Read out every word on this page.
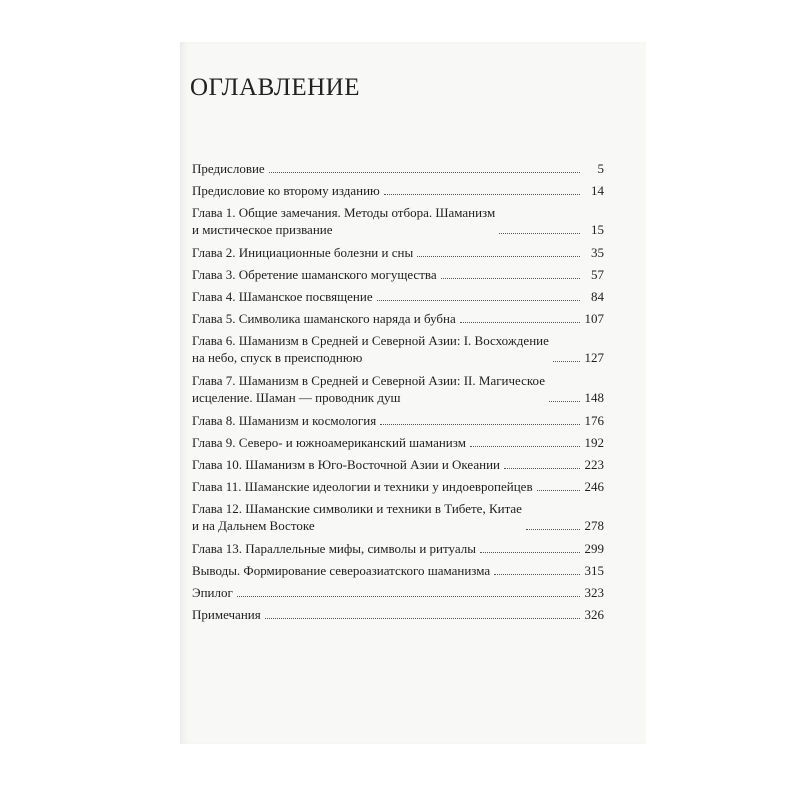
ОГЛАВЛЕНИЕ
Предисловие	5
Предисловие ко второму изданию	14
Глава 1. Общие замечания. Методы отбора. Шаманизм
и мистическое призвание	15
Глава 2. Инициационные болезни и сны	35
Глава 3. Обретение шаманского могущества	57
Глава 4. Шаманское посвящение	84
Глава 5. Символика шаманского наряда и бубна	107
Глава 6. Шаманизм в Средней и Северной Азии: I. Восхождение
на небо, спуск в преисподнюю	127
Глава 7. Шаманизм в Средней и Северной Азии: II. Магическое
исцеление. Шаман — проводник душ	148
Глава 8. Шаманизм и космология	176
Глава 9. Северо- и южноамериканский шаманизм	192
Глава 10. Шаманизм в Юго-Восточной Азии и Океании	223
Глава 11. Шаманские идеологии и техники у индоевропейцев	246
Глава 12. Шаманские символики и техники в Тибете, Китае
и на Дальнем Востоке	278
Глава 13. Параллельные мифы, символы и ритуалы	299
Выводы. Формирование североазиатского шаманизма	315
Эпилог	323
Примечания	326
